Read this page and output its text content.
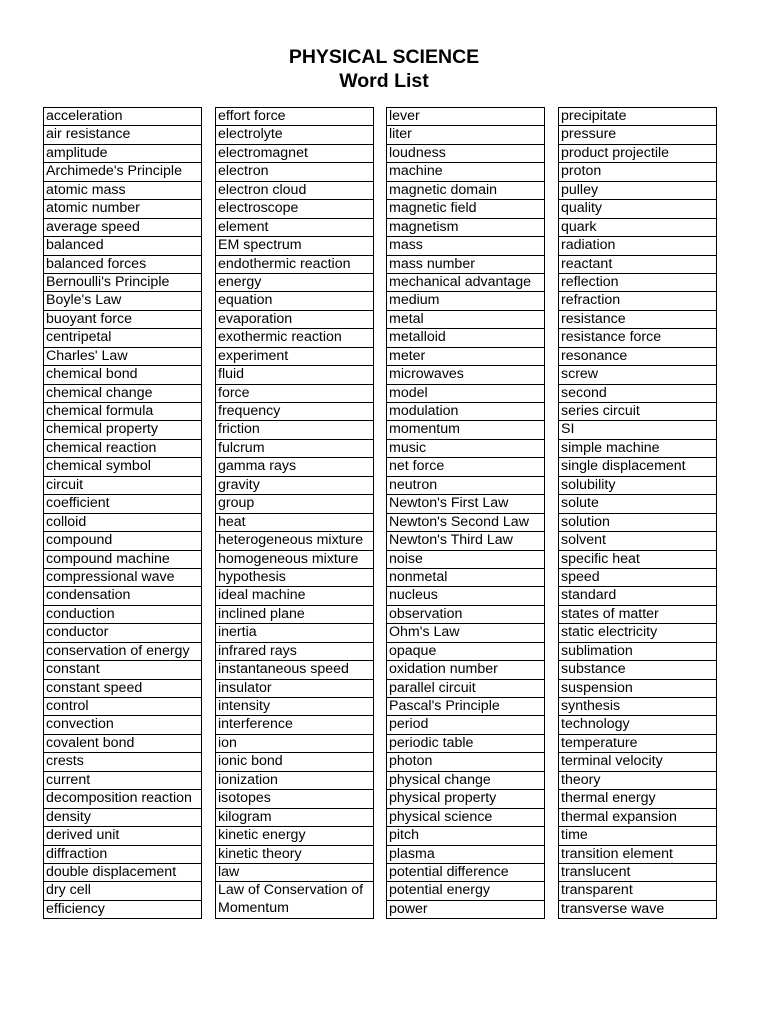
PHYSICAL SCIENCE
Word List
acceleration
air resistance
amplitude
Archimede's Principle
atomic mass
atomic number
average speed
balanced
balanced forces
Bernoulli's Principle
Boyle's Law
buoyant force
centripetal
Charles' Law
chemical bond
chemical change
chemical formula
chemical property
chemical reaction
chemical symbol
circuit
coefficient
colloid
compound
compound machine
compressional wave
condensation
conduction
conductor
conservation of energy
constant
constant speed
control
convection
covalent bond
crests
current
decomposition reaction
density
derived unit
diffraction
double displacement
dry cell
efficiency
effort force
electrolyte
electromagnet
electron
electron cloud
electroscope
element
EM spectrum
endothermic reaction
energy
equation
evaporation
exothermic reaction
experiment
fluid
force
frequency
friction
fulcrum
gamma rays
gravity
group
heat
heterogeneous mixture
homogeneous mixture
hypothesis
ideal machine
inclined plane
inertia
infrared rays
instantaneous speed
insulator
intensity
interference
ion
ionic bond
ionization
isotopes
kilogram
kinetic energy
kinetic theory
law
Law of Conservation of Momentum
lever
liter
loudness
machine
magnetic domain
magnetic field
magnetism
mass
mass number
mechanical advantage
medium
metal
metalloid
meter
microwaves
model
modulation
momentum
music
net force
neutron
Newton's First Law
Newton's Second Law
Newton's Third Law
noise
nonmetal
nucleus
observation
Ohm's Law
opaque
oxidation number
parallel circuit
Pascal's Principle
period
periodic table
photon
physical change
physical property
physical science
pitch
plasma
potential difference
potential energy
power
precipitate
pressure
product projectile
proton
pulley
quality
quark
radiation
reactant
reflection
refraction
resistance
resistance force
resonance
screw
second
series circuit
SI
simple machine
single displacement
solubility
solute
solution
solvent
specific heat
speed
standard
states of matter
static electricity
sublimation
substance
suspension
synthesis
technology
temperature
terminal velocity
theory
thermal energy
thermal expansion
time
transition element
translucent
transparent
transverse wave
